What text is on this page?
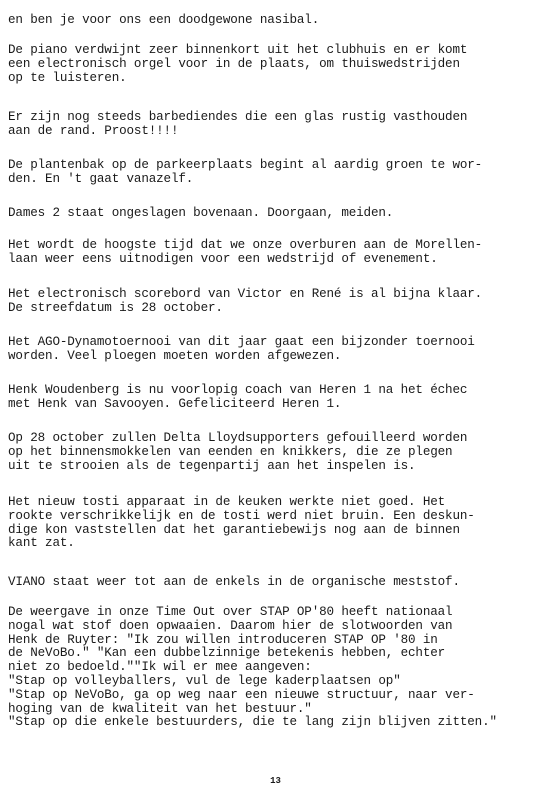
en ben je voor ons een doodgewone nasibal.
De piano verdwijnt zeer binnenkort uit het clubhuis en er komt
een electronisch orgel voor in de plaats, om thuiswedstrijden
op te luisteren.
Er zijn nog steeds barbediendes die een glas rustig vasthouden
aan de rand. Proost!!!!
De plantenbak op de parkeerplaats begint al aardig groen te wor-
den. En 't gaat vanazelf.
Dames 2 staat ongeslagen bovenaan. Doorgaan, meiden.
Het wordt de hoogste tijd dat we onze overburen aan de Morellen-
laan weer eens uitnodigen voor een wedstrijd of evenement.
Het electronisch scorebord van Victor en René is al bijna klaar.
De streefdatum is 28 october.
Het AGO-Dynamotoernooi van dit jaar gaat een bijzonder toernooi
worden. Veel ploegen moeten worden afgewezen.
Henk Woudenberg is nu voorlopig coach van Heren 1 na het échec
met Henk van Savooyen. Gefeliciteerd Heren 1.
Op 28 october zullen Delta Lloydsupporters gefouilleerd worden
op het binnensmokkelen van eenden en knikkers, die ze plegen
uit te strooien als de tegenpartij aan het inspelen is.
Het nieuw tosti apparaat in de keuken werkte niet goed. Het
rookte verschrikkelijk en de tosti werd niet bruin. Een deskun-
dige kon vaststellen dat het garantiebewijs nog aan de binnen
kant zat.
VIANO staat weer tot aan de enkels in de organische meststof.
De weergave in onze Time Out over STAP OP'80 heeft nationaal
nogal wat stof doen opwaaien. Daarom hier de slotwoorden van
Henk de Ruyter: "Ik zou willen introduceren STAP OP '80 in
de NeVoBo." "Kan een dubbelzinnige betekenis hebben, echter
niet zo bedoeld.""Ik wil er mee aangeven:
"Stap op volleyballers, vul de lege kaderplaatsen op"
"Stap op NeVoBo, ga op weg naar een nieuwe structuur, naar ver-
hoging van de kwaliteit van het bestuur."
"Stap op die enkele bestuurders, die te lang zijn blijven zitten."
13
